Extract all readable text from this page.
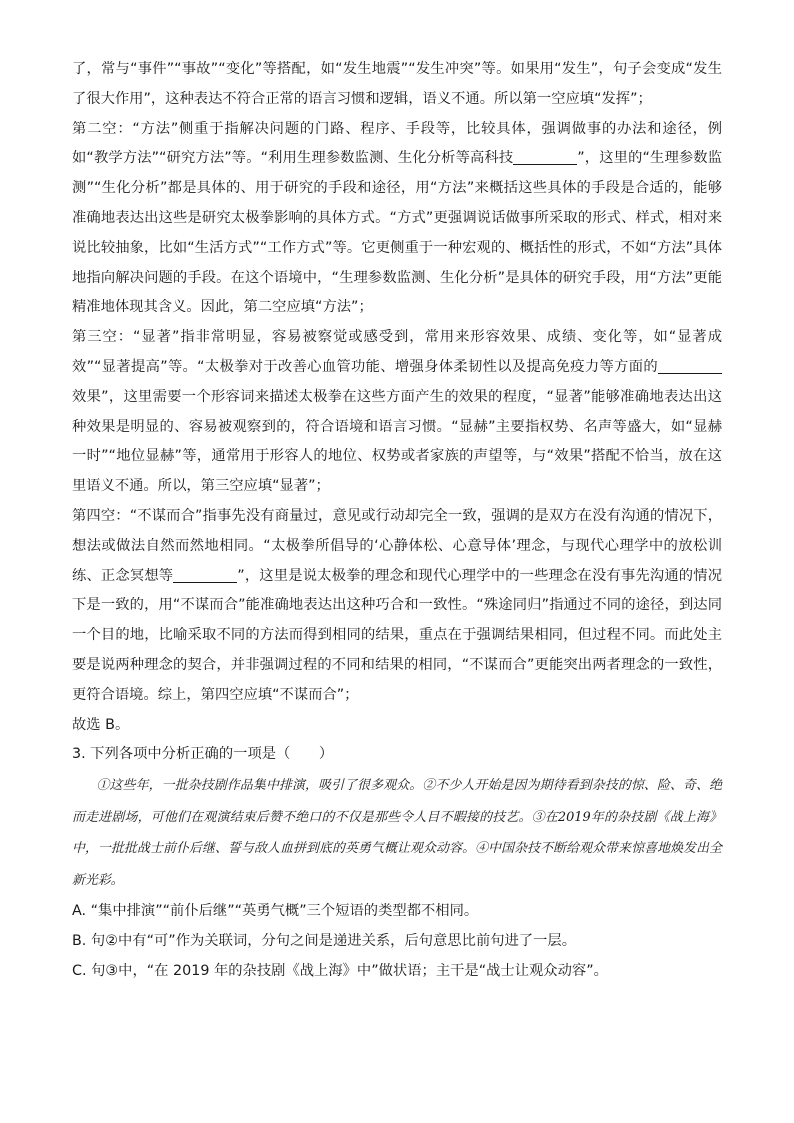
了，常与“事件”“事故”“变化”等搭配，如“发生地震”“发生冲突”等。如果用“发生”，句子会变成“发生了很大作用”，这种表达不符合正常的语言习惯和逻辑，语义不通。所以第一空应填“发挥”；

第二空：“方法”侧重于指解决问题的门路、程序、手段等，比较具体，强调做事的办法和途径，例如“教学方法”“研究方法”等。“利用生理参数监测、生化分析等高科技	”，这里的“生理参数监测”“生化分析”都是具体的、用于研究的手段和途径，用“方法”来概括这些具体的手段是合适的，能够准确地表达出这些是研究太极拳影响的具体方式。“方式”更强调说话做事所采取的形式、样式，相对来说比较抽象，比如“生活方式”“工作方式”等。它更侧重于一种宏观的、概括性的形式，不如“方法”具体地指向解决问题的手段。在这个语境中，“生理参数监测、生化分析”是具体的研究手段，用“方法”更能精准地体现其含义。因此，第二空应填“方法”；

第三空：“显著”指非常明显，容易被察觉或感受到，常用来形容效果、成绩、变化等，如“显著成效”“显著提高”等。“太极拳对于改善心血管功能、增强身体柔韧性以及提高免疫力等方面的效果”，这里需要一个形容词来描述太极拳在这些方面产生的效果的程度，“显著”能够准确地表达出这种效果是明显的、容易被观察到的，符合语境和语言习惯。“显赫”主要指权势、名声等盛大，如“显赫一时”“地位显赫”等，通常用于形容人的地位、权势或者家族的声望等，与“效果”搭配不恰当，放在这里语义不通。所以，第三空应填“显著”；

第四空：“不谋而合”指事先没有商量过，意见或行动却完全一致，强调的是双方在没有沟通的情况下，想法或做法自然而然地相同。“太极拳所倡导的‘心静体松、心意导体’理念，与现代心理学中的放松训练、正念冥想等	”，这里是说太极拳的理念和现代心理学中的一些理念在没有事先沟通的情况下是一致的，用“不谋而合”能准确地表达出这种巧合和一致性。“殊途同归”指通过不同的途径，到达同一个目的地，比喻采取不同的方法而得到相同的结果，重点在于强调结果相同，但过程不同。而此处主要是说两种理念的契合，并非强调过程的不同和结果的相同，“不谋而合”更能突出两者理念的一致性，更符合语境。综上，第四空应填“不谋而合”；

故选 B。

3. 下列各项中分析正确的一项是（　　）

①这些年，一批杂技剧作品集中排演，吸引了很多观众。②不少人开始是因为期待看到杂技的惊、险、奇、绝而走进剧场，可他们在观演结束后赞不绝口的不仅是那些令人目不暇接的技艺。③在2019年的杂技剧《战上海》中，一批批战士前仆后继、誓与敌人血拼到底的英勇气概让观众动容。④中国杂技不断给观众带来惊喜地焕发出全新光彩。

A. “集中排演”“前仆后继”“英勇气概”三个短语的类型都不相同。

B. 句②中有“可”作为关联词，分句之间是递进关系，后句意思比前句进了一层。

C. 句③中，“在 2019 年的杂技剧《战上海》中”做状语；主干是“战士让观众动容”。
